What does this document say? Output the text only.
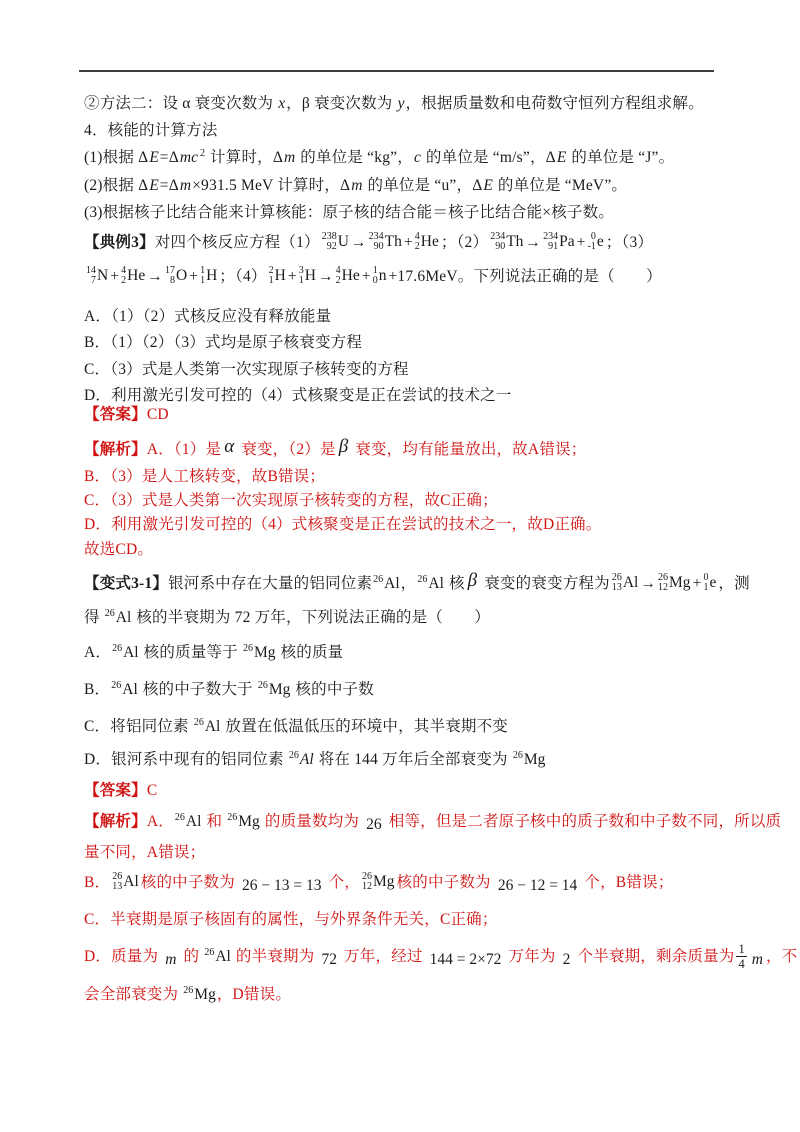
②方法二：设 α 衰变次数为 x，β 衰变次数为 y，根据质量数和电荷数守恒列方程组求解。
4．核能的计算方法
(1)根据 ΔE=Δmc $^2$ 计算时，Δm 的单位是 “kg”，c 的单位是 “m/s”，ΔE 的单位是 “J”。
(2)根据 ΔE=Δm×931.5 MeV 计算时，Δm 的单位是 “u”，ΔE 的单位是 “MeV”。
(3)根据核子比结合能来计算核能：原子核的结合能＝核子比结合能×核子数。
【典例3】对四个核反应方程（1） 238
92 U → 234
90 Th + 4
2 He ；（2） 234
90 Th → 234
91 Pa + 0
-1 e ；（3）
14
7 N + 4
2 He → 17
8 O + 1
1 H ；（4） 2
1 H + 3
1 H → 4
2 He + 1
0 n +17.6MeV。下列说法正确的是（　　）
A．（1）（2）式核反应没有释放能量
B．（1）（2）（3）式均是原子核衰变方程
C．（3）式是人类第一次实现原子核转变的方程
D．利用激光引发可控的（4）式核聚变是正在尝试的技术之一
【答案】CD
【解析】A．（1）是 α 衰变，（2）是 β 衰变，均有能量放出，故A错误；
B．（3）是人工核转变，故B错误；
C．（3）式是人类第一次实现原子核转变的方程，故C正确；
D．利用激光引发可控的（4）式核聚变是正在尝试的技术之一，故D正确。
故选CD。
【变式3-1】银河系中存在大量的铝同位素$^{26}$Al，$^{26}$Al 核 β 衰变的衰变方程为 26
13 Al → 26
12 Mg + 0
1 e ，测
得 $^{26}$Al 核的半衰期为 72 万年，下列说法正确的是（　　）
A．$^{26}$Al 核的质量等于 $^{26}$Mg 核的质量
B．$^{26}$Al 核的中子数大于 $^{26}$Mg 核的中子数
C．将铝同位素 $^{26}$Al 放置在低温低压的环境中，其半衰期不变
D．银河系中现有的铝同位素 $^{26}$Al 将在 144 万年后全部衰变为 $^{26}$Mg
【答案】C
【解析】A．$^{26}$Al 和 $^{26}$Mg 的质量数均为 26 相等，但是二者原子核中的质子数和中子数不同，所以质
量不同，A错误；
B． 26
13 Al 核的中子数为 26 − 13 = 13 个， 26
12 Mg 核的中子数为 26 − 12 = 14 个，B错误；
C．半衰期是原子核固有的属性，与外界条件无关，C正确；
D．质量为 m 的 $^{26}$Al 的半衰期为 72 万年，经过 144 = 2×72 万年为 2 个半衰期，剩余质量为 $\frac{1}{4}$ m ，不
会全部衰变为 $^{26}$Mg，D错误。
